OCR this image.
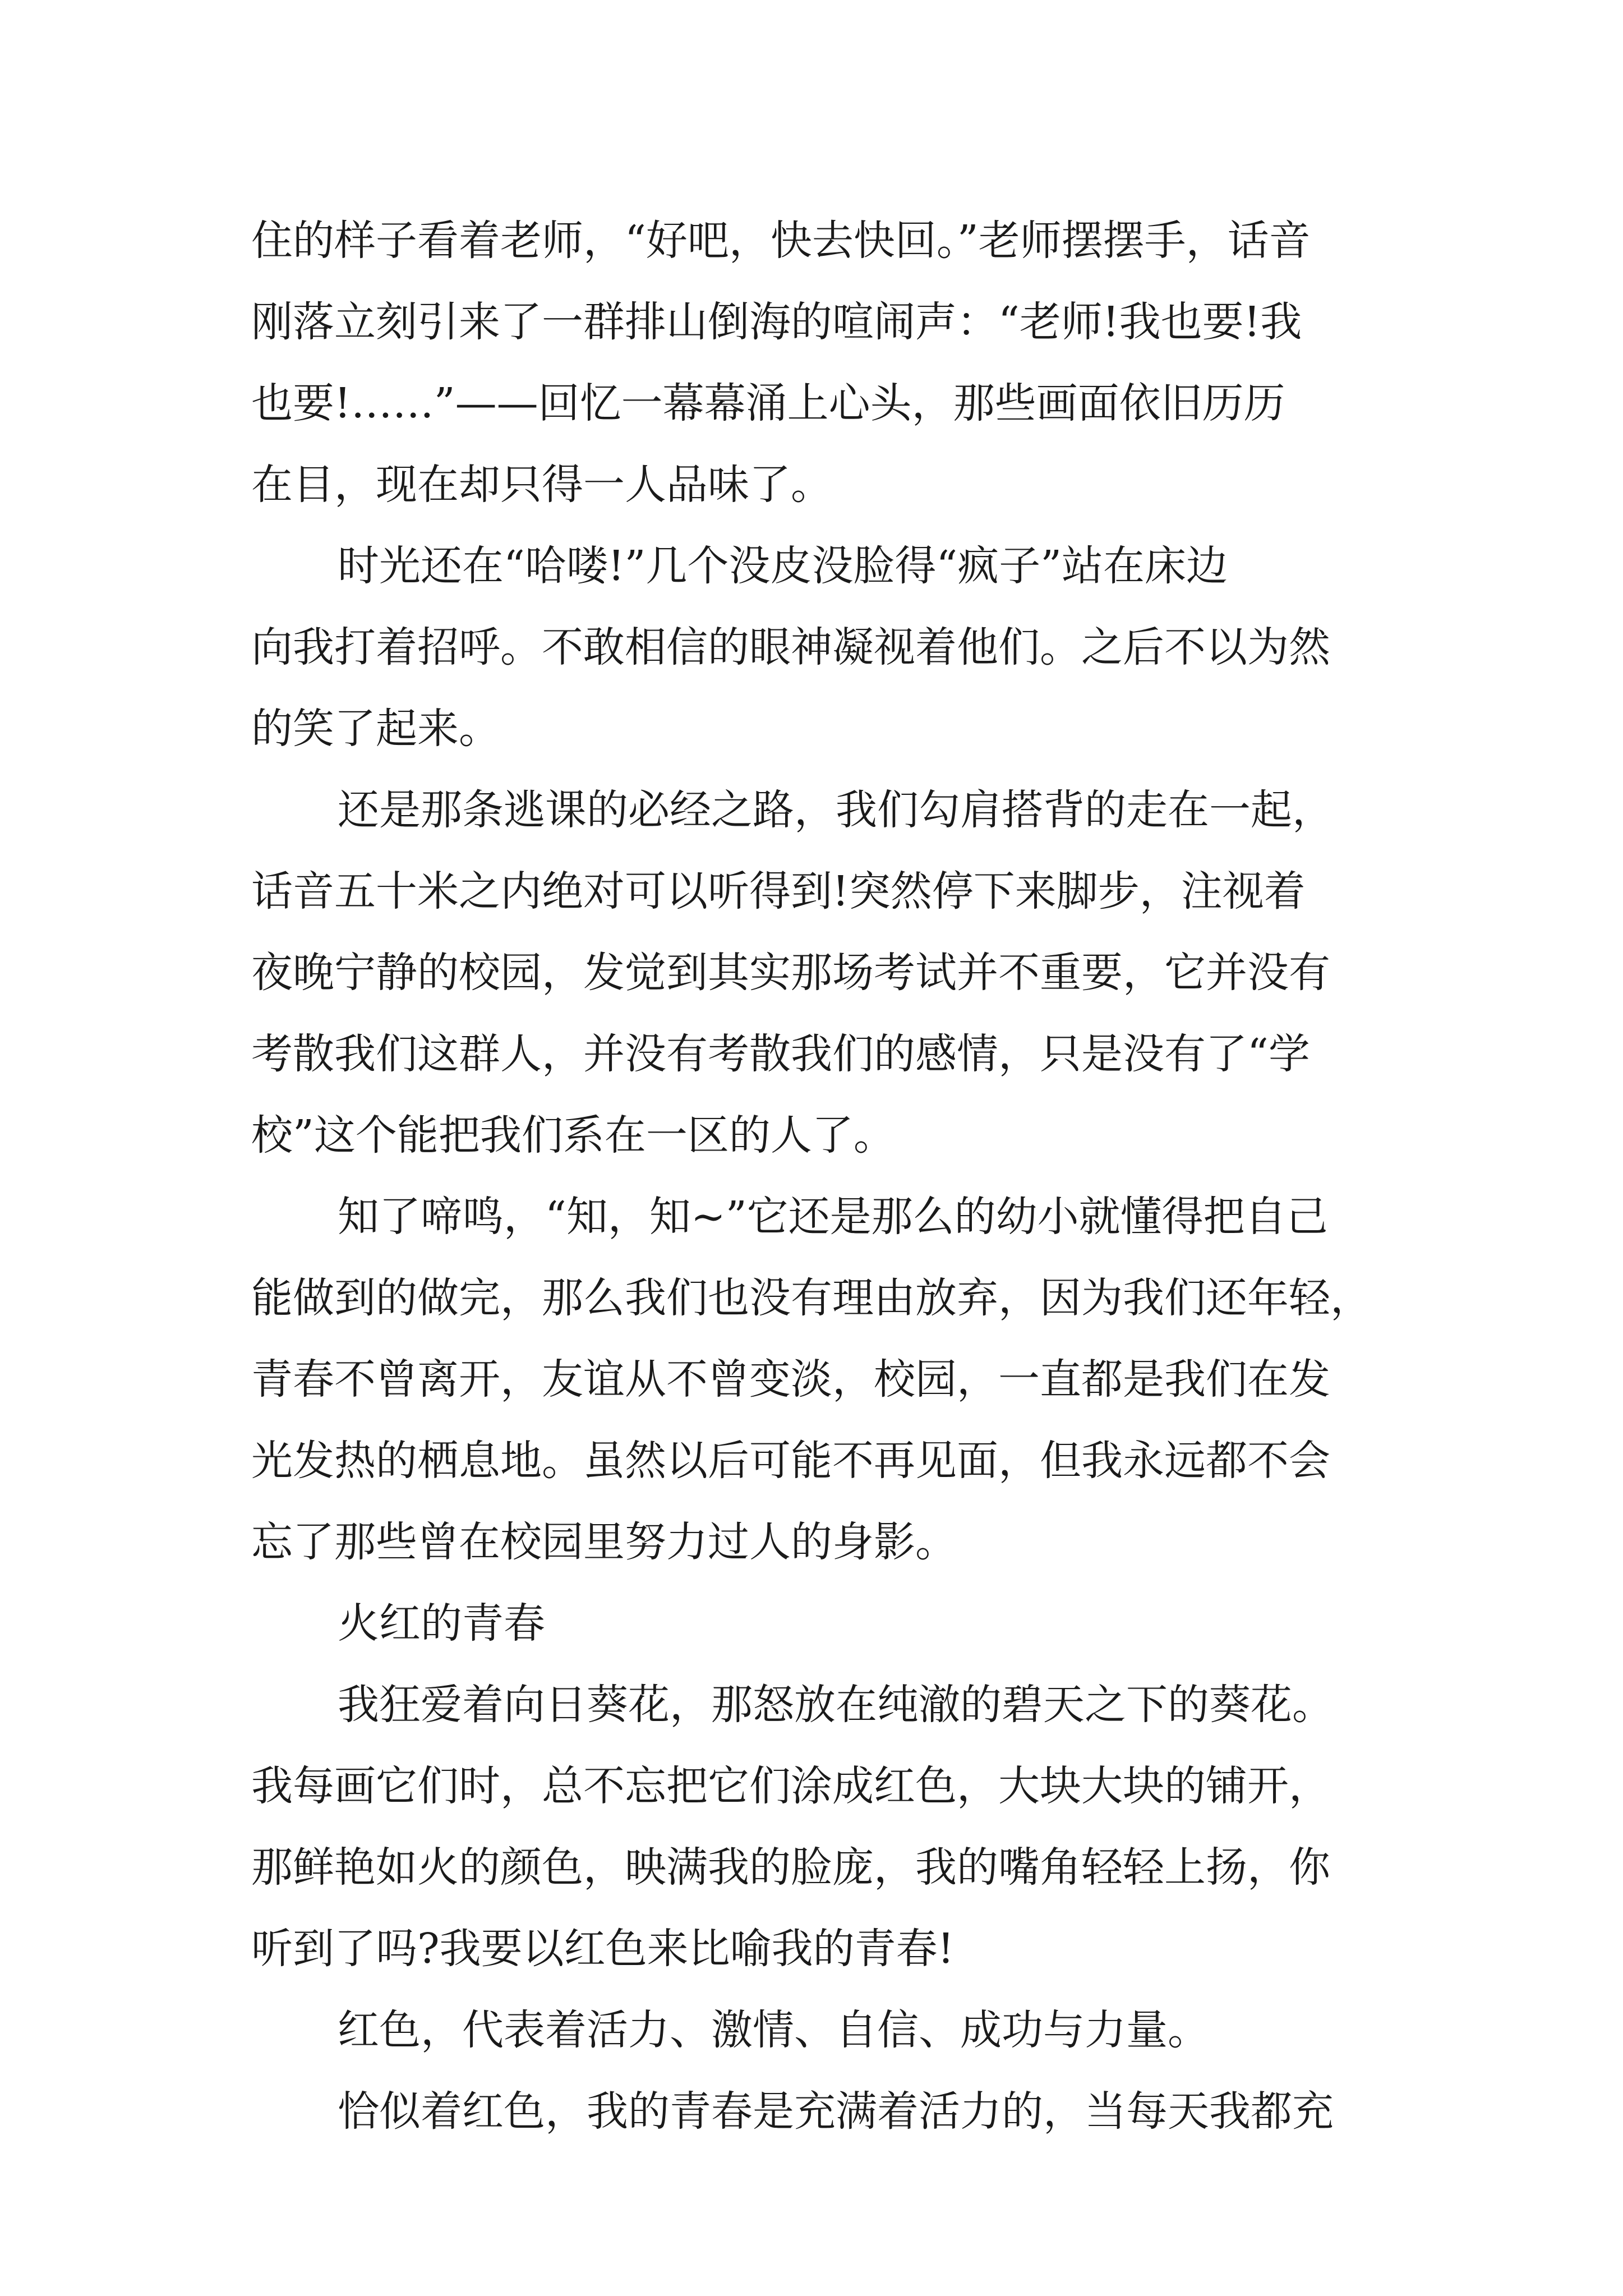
住的样子看着老师，“好吧，快去快回。”老师摆摆手，话音
刚落立刻引来了一群排山倒海的喧闹声：“老师!我也要!我
也要!……”——回忆一幕幕涌上心头，那些画面依旧历历
在目，现在却只得一人品味了。
时光还在“哈喽!”几个没皮没脸得“疯子”站在床边
向我打着招呼。不敢相信的眼神凝视着他们。之后不以为然
的笑了起来。
还是那条逃课的必经之路，我们勾肩搭背的走在一起，
话音五十米之内绝对可以听得到!突然停下来脚步，注视着
夜晚宁静的校园，发觉到其实那场考试并不重要，它并没有
考散我们这群人，并没有考散我们的感情，只是没有了“学
校”这个能把我们系在一区的人了。
知了啼鸣，“知，知~”它还是那么的幼小就懂得把自己
能做到的做完，那么我们也没有理由放弃，因为我们还年轻，
青春不曾离开，友谊从不曾变淡，校园，一直都是我们在发
光发热的栖息地。虽然以后可能不再见面，但我永远都不会
忘了那些曾在校园里努力过人的身影。
火红的青春
我狂爱着向日葵花，那怒放在纯澈的碧天之下的葵花。
我每画它们时，总不忘把它们涂成红色，大块大块的铺开，
那鲜艳如火的颜色，映满我的脸庞，我的嘴角轻轻上扬，你
听到了吗?我要以红色来比喻我的青春!
红色，代表着活力、激情、自信、成功与力量。
恰似着红色，我的青春是充满着活力的，当每天我都充
